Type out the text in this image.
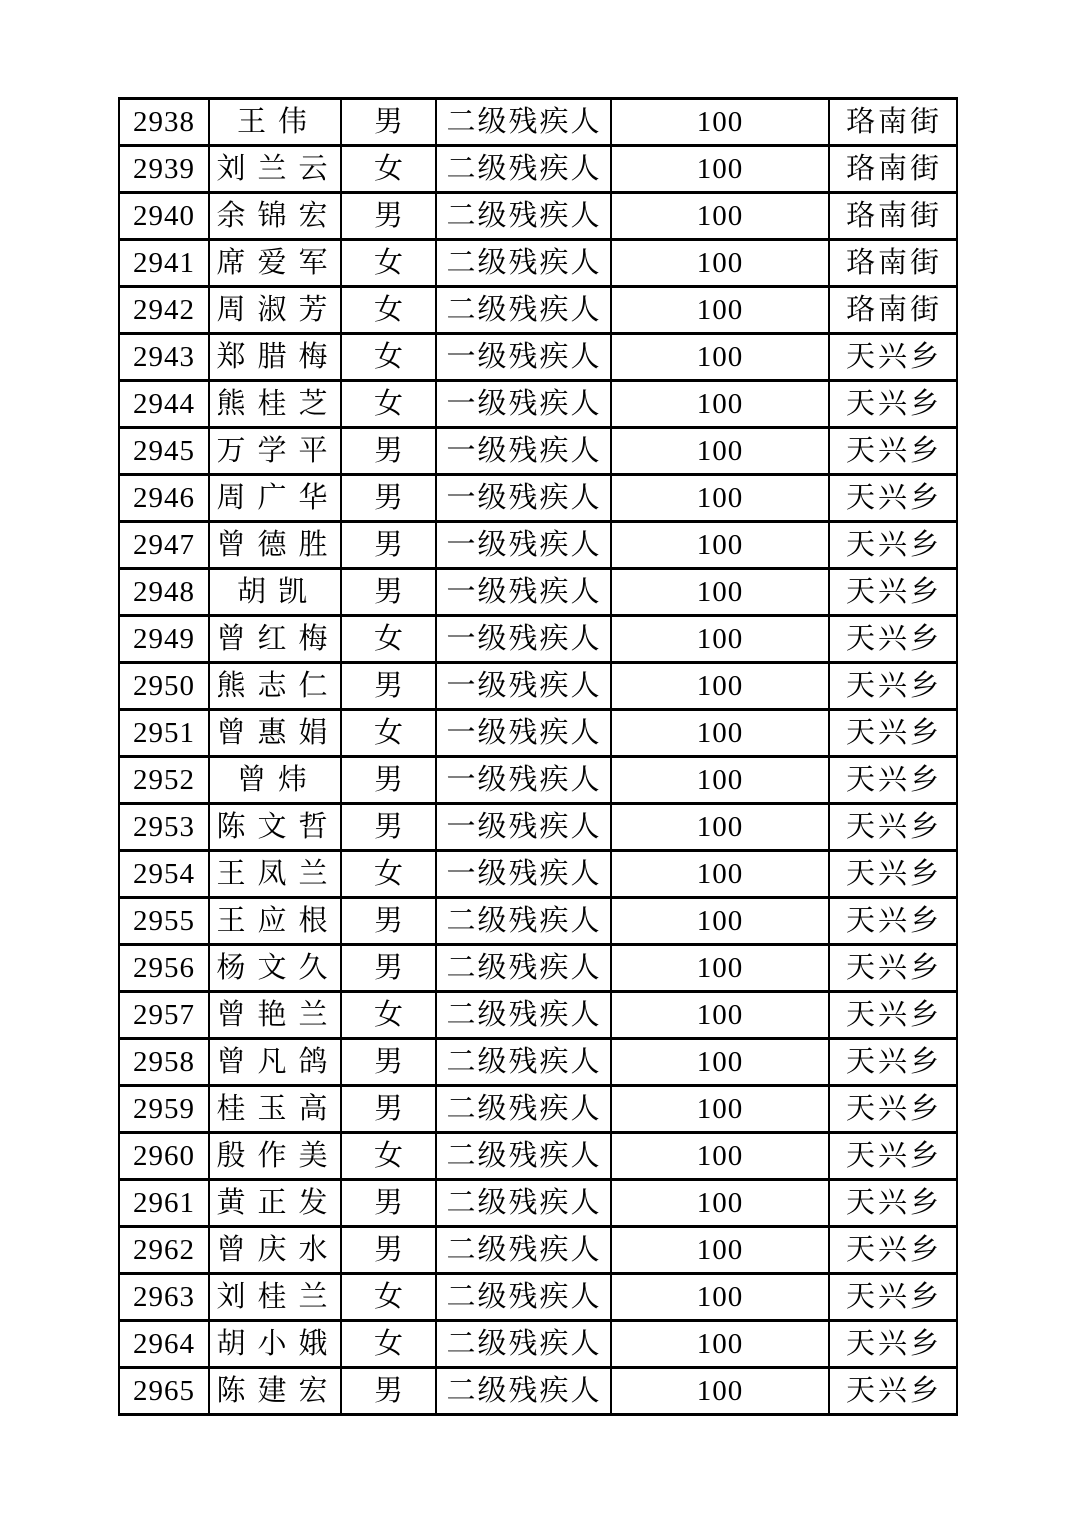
2938	王伟	男	二级残疾人	100	珞南街
2939	刘兰云	女	二级残疾人	100	珞南街
2940	余锦宏	男	二级残疾人	100	珞南街
2941	席爱军	女	二级残疾人	100	珞南街
2942	周淑芳	女	二级残疾人	100	珞南街
2943	郑腊梅	女	一级残疾人	100	天兴乡
2944	熊桂芝	女	一级残疾人	100	天兴乡
2945	万学平	男	一级残疾人	100	天兴乡
2946	周广华	男	一级残疾人	100	天兴乡
2947	曾德胜	男	一级残疾人	100	天兴乡
2948	胡凯	男	一级残疾人	100	天兴乡
2949	曾红梅	女	一级残疾人	100	天兴乡
2950	熊志仁	男	一级残疾人	100	天兴乡
2951	曾惠娟	女	一级残疾人	100	天兴乡
2952	曾炜	男	一级残疾人	100	天兴乡
2953	陈文哲	男	一级残疾人	100	天兴乡
2954	王凤兰	女	一级残疾人	100	天兴乡
2955	王应根	男	二级残疾人	100	天兴乡
2956	杨文久	男	二级残疾人	100	天兴乡
2957	曾艳兰	女	二级残疾人	100	天兴乡
2958	曾凡鸽	男	二级残疾人	100	天兴乡
2959	桂玉高	男	二级残疾人	100	天兴乡
2960	殷作美	女	二级残疾人	100	天兴乡
2961	黄正发	男	二级残疾人	100	天兴乡
2962	曾庆水	男	二级残疾人	100	天兴乡
2963	刘桂兰	女	二级残疾人	100	天兴乡
2964	胡小娥	女	二级残疾人	100	天兴乡
2965	陈建宏	男	二级残疾人	100	天兴乡
